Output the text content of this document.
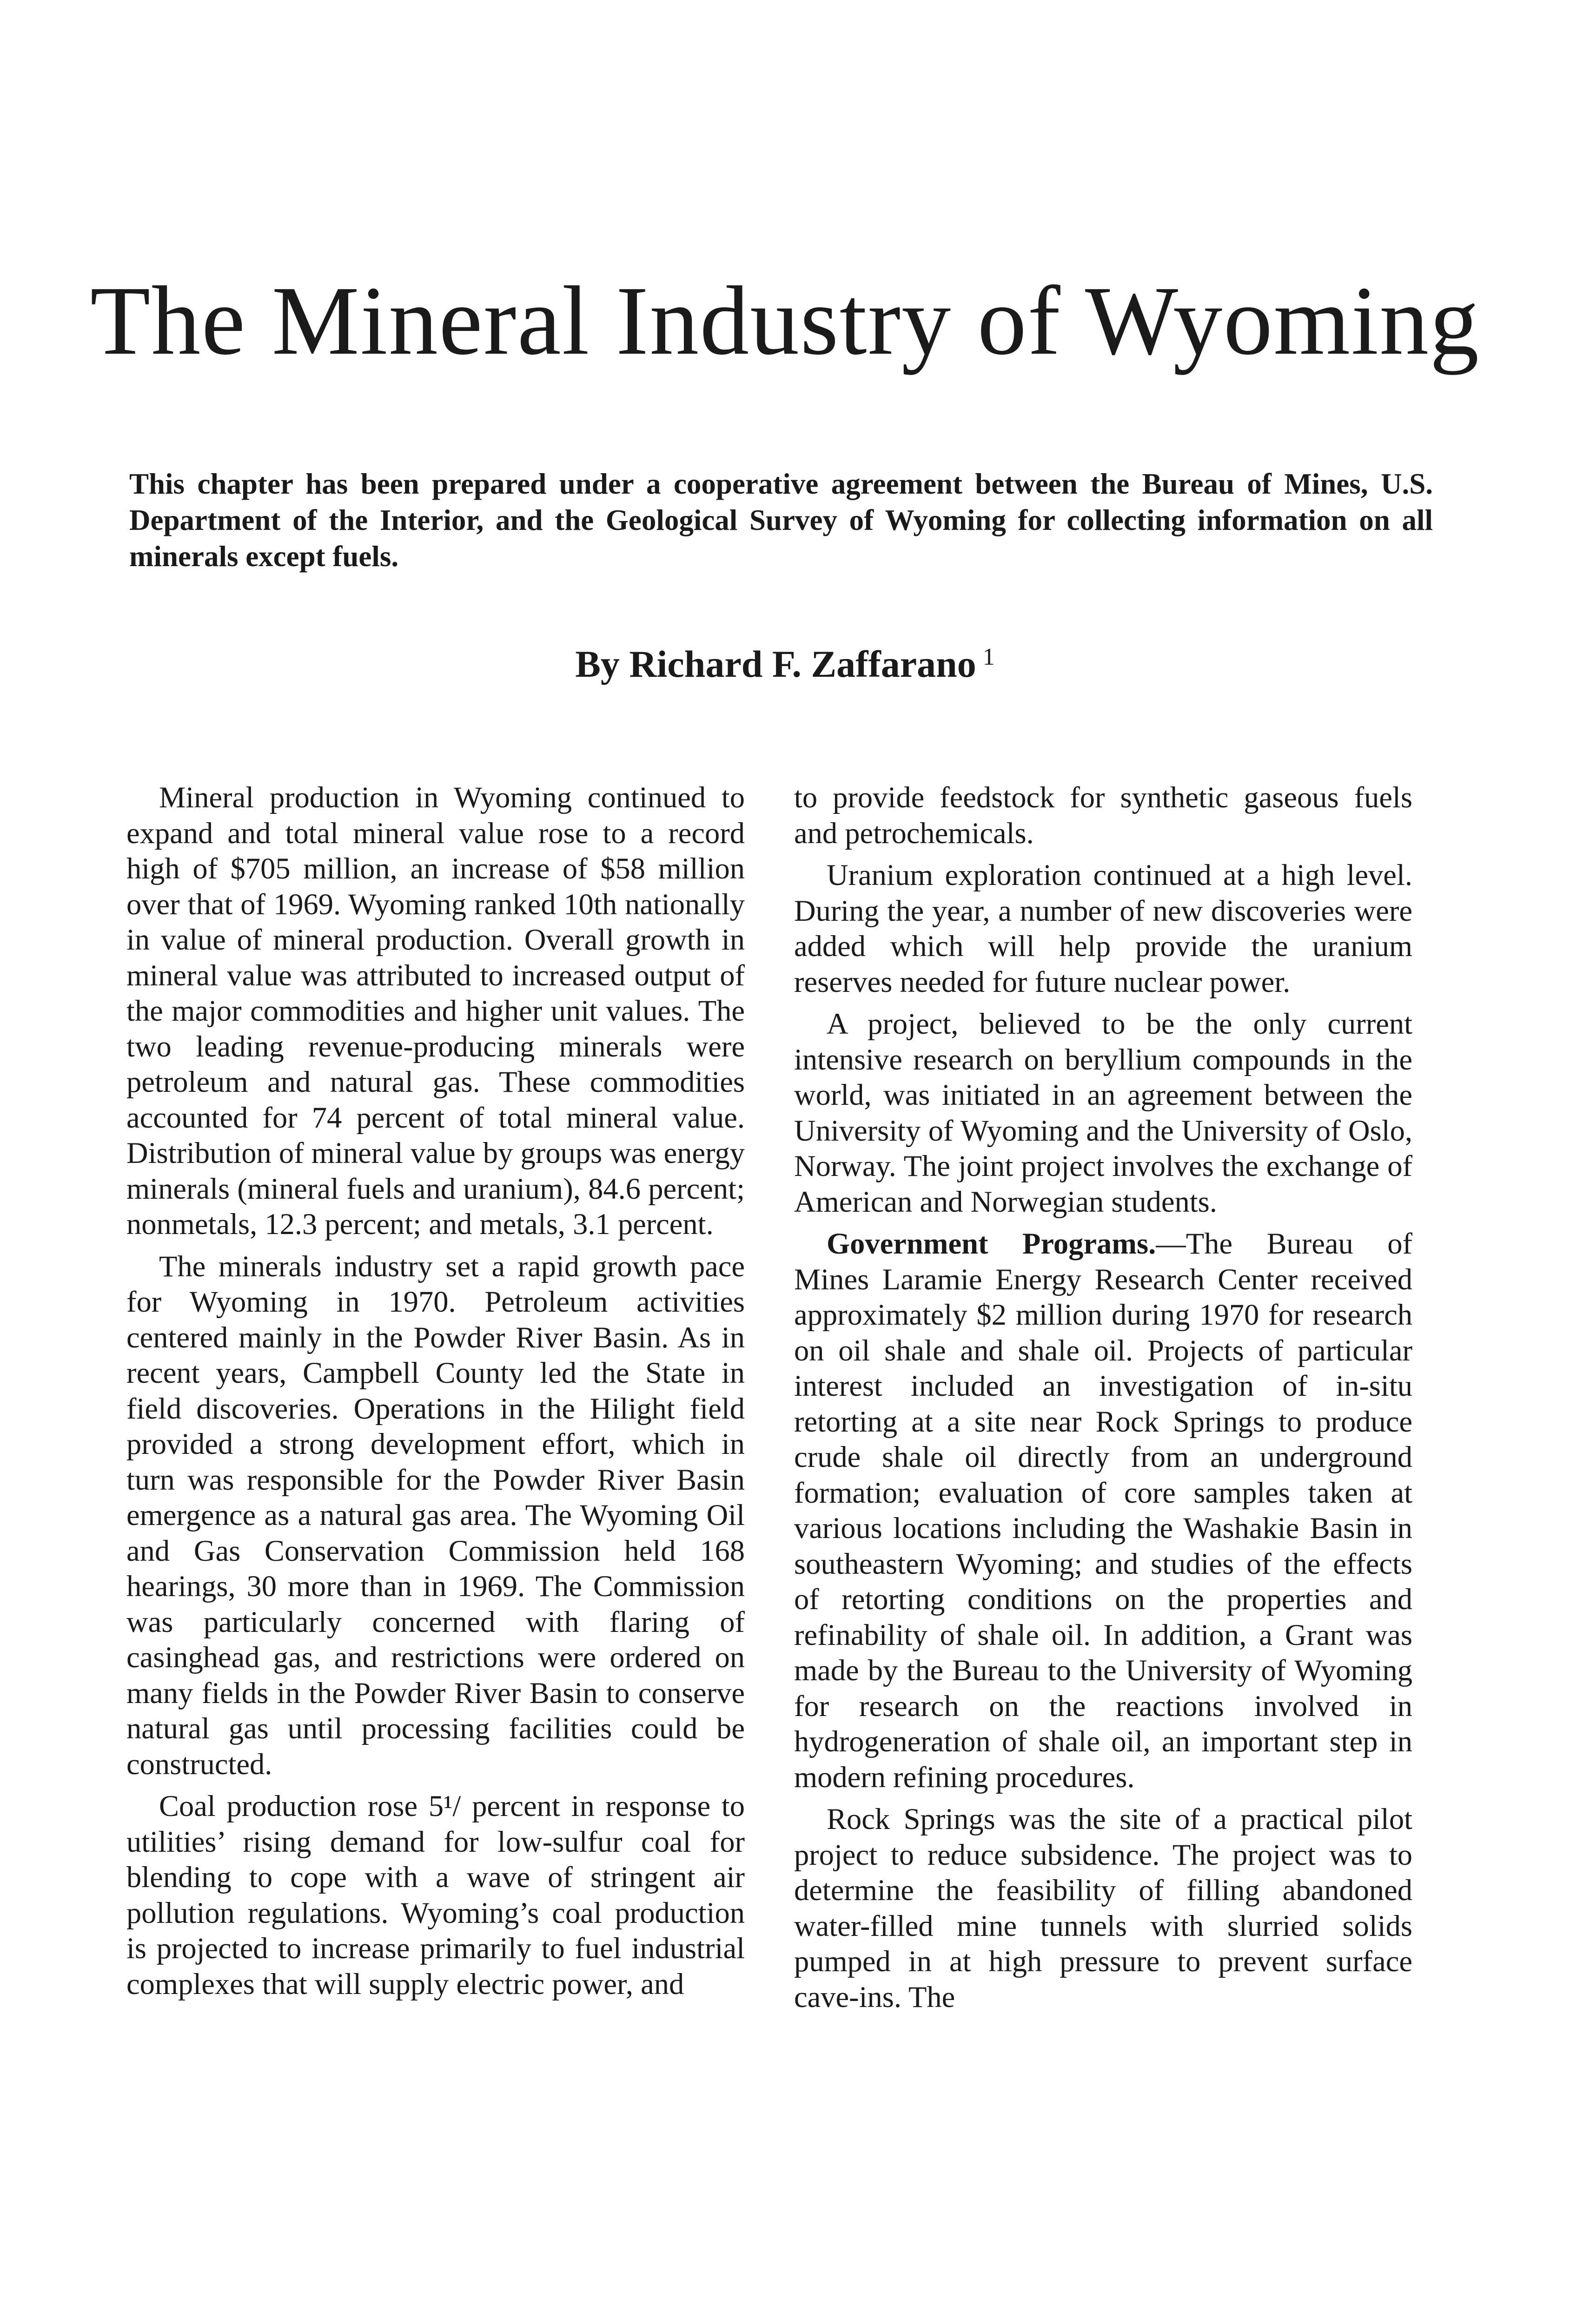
The Mineral Industry of Wyoming

This chapter has been prepared under a cooperative agreement between the Bureau of Mines, U.S. Department of the Interior, and the Geological Survey of Wyoming for collecting information on all minerals except fuels.

By Richard F. Zaffarano $^1$

Mineral production in Wyoming continued to expand and total mineral value rose to a record high of $705 million, an increase of $58 million over that of 1969. Wyoming ranked 10th nationally in value of mineral production. Overall growth in mineral value was attributed to increased output of the major commodities and higher unit values. The two leading revenue-producing minerals were petroleum and natural gas. These commodities accounted for 74 percent of total mineral value. Distribution of mineral value by groups was energy minerals (mineral fuels and uranium), 84.6 percent; nonmetals, 12.3 percent; and metals, 3.1 percent.

The minerals industry set a rapid growth pace for Wyoming in 1970. Petroleum activities centered mainly in the Powder River Basin. As in recent years, Campbell County led the State in field discoveries. Operations in the Hilight field provided a strong development effort, which in turn was responsible for the Powder River Basin emergence as a natural gas area. The Wyoming Oil and Gas Conservation Commission held 168 hearings, 30 more than in 1969. The Commission was particularly concerned with flaring of casinghead gas, and restrictions were ordered on many fields in the Powder River Basin to conserve natural gas until processing facilities could be constructed.

Coal production rose 5¹/ percent in response to utilities’ rising demand for low-sulfur coal for blending to cope with a wave of stringent air pollution regulations. Wyoming’s coal production is projected to increase primarily to fuel industrial complexes that will supply electric power, and

to provide feedstock for synthetic gaseous fuels and petrochemicals.

Uranium exploration continued at a high level. During the year, a number of new discoveries were added which will help provide the uranium reserves needed for future nuclear power.

A project, believed to be the only current intensive research on beryllium compounds in the world, was initiated in an agreement between the University of Wyoming and the University of Oslo, Norway. The joint project involves the exchange of American and Norwegian students.

Government Programs.—The Bureau of Mines Laramie Energy Research Center received approximately $2 million during 1970 for research on oil shale and shale oil. Projects of particular interest included an investigation of in-situ retorting at a site near Rock Springs to produce crude shale oil directly from an underground formation; evaluation of core samples taken at various locations including the Washakie Basin in southeastern Wyoming; and studies of the effects of retorting conditions on the properties and refinability of shale oil. In addition, a Grant was made by the Bureau to the University of Wyoming for research on the reactions involved in hydrogeneration of shale oil, an important step in modern refining procedures.

Rock Springs was the site of a practical pilot project to reduce subsidence. The project was to determine the feasibility of filling abandoned water-filled mine tunnels with slurried solids pumped in at high pressure to prevent surface cave-ins. The
